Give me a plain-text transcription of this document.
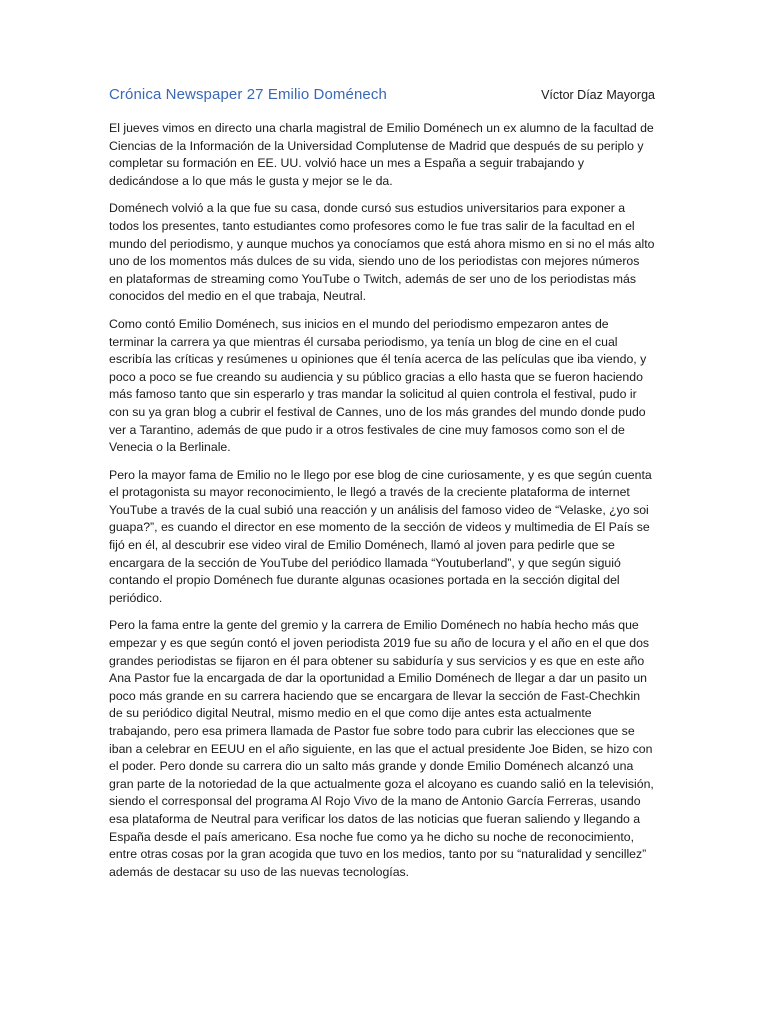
Crónica Newspaper 27 Emilio Doménech	Víctor Díaz Mayorga

El jueves vimos en directo una charla magistral de Emilio Doménech un ex alumno de la facultad de Ciencias de la Información de la Universidad Complutense de Madrid que después de su periplo y completar su formación en EE. UU. volvió hace un mes a España a seguir trabajando y dedicándose a lo que más le gusta y mejor se le da.

Doménech volvió a la que fue su casa, donde cursó sus estudios universitarios para exponer a todos los presentes, tanto estudiantes como profesores como le fue tras salir de la facultad en el mundo del periodismo, y aunque muchos ya conocíamos que está ahora mismo en si no el más alto uno de los momentos más dulces de su vida, siendo uno de los periodistas con mejores números en plataformas de streaming como YouTube o Twitch, además de ser uno de los periodistas más conocidos del medio en el que trabaja, Neutral.

Como contó Emilio Doménech, sus inicios en el mundo del periodismo empezaron antes de terminar la carrera ya que mientras él cursaba periodismo, ya tenía un blog de cine en el cual escribía las críticas y resúmenes u opiniones que él tenía acerca de las películas que iba viendo, y poco a poco se fue creando su audiencia y su público gracias a ello hasta que se fueron haciendo más famoso tanto que sin esperarlo y tras mandar la solicitud al quien controla el festival, pudo ir con su ya gran blog a cubrir el festival de Cannes, uno de los más grandes del mundo donde pudo ver a Tarantino, además de que pudo ir a otros festivales de cine muy famosos como son el de Venecia o la Berlinale.

Pero la mayor fama de Emilio no le llego por ese blog de cine curiosamente, y es que según cuenta el protagonista su mayor reconocimiento, le llegó a través de la creciente plataforma de internet YouTube a través de la cual subió una reacción y un análisis del famoso video de “Velaske, ¿yo soi guapa?”, es cuando el director en ese momento de la sección de videos y multimedia de El País se fijó en él, al descubrir ese video viral de Emilio Doménech, llamó al joven para pedirle que se encargara de la sección de YouTube del periódico llamada “Youtuberland”, y que según siguió contando el propio Doménech fue durante algunas ocasiones portada en la sección digital del periódico.

Pero la fama entre la gente del gremio y la carrera de Emilio Doménech no había hecho más que empezar y es que según contó el joven periodista 2019 fue su año de locura y el año en el que dos grandes periodistas se fijaron en él para obtener su sabiduría y sus servicios y es que en este año Ana Pastor fue la encargada de dar la oportunidad a Emilio Doménech de llegar a dar un pasito un poco más grande en su carrera haciendo que se encargara de llevar la sección de Fast-Chechkin de su periódico digital Neutral, mismo medio en el que como dije antes esta actualmente trabajando, pero esa primera llamada de Pastor fue sobre todo para cubrir las elecciones que se iban a celebrar en EEUU en el año siguiente, en las que el actual presidente Joe Biden, se hizo con el poder. Pero donde su carrera dio un salto más grande y donde Emilio Doménech alcanzó una gran parte de la notoriedad de la que actualmente goza el alcoyano es cuando salió en la televisión, siendo el corresponsal del programa Al Rojo Vivo de la mano de Antonio García Ferreras, usando esa plataforma de Neutral para verificar los datos de las noticias que fueran saliendo y llegando a España desde el país americano. Esa noche fue como ya he dicho su noche de reconocimiento, entre otras cosas por la gran acogida que tuvo en los medios, tanto por su “naturalidad y sencillez” además de destacar su uso de las nuevas tecnologías.
